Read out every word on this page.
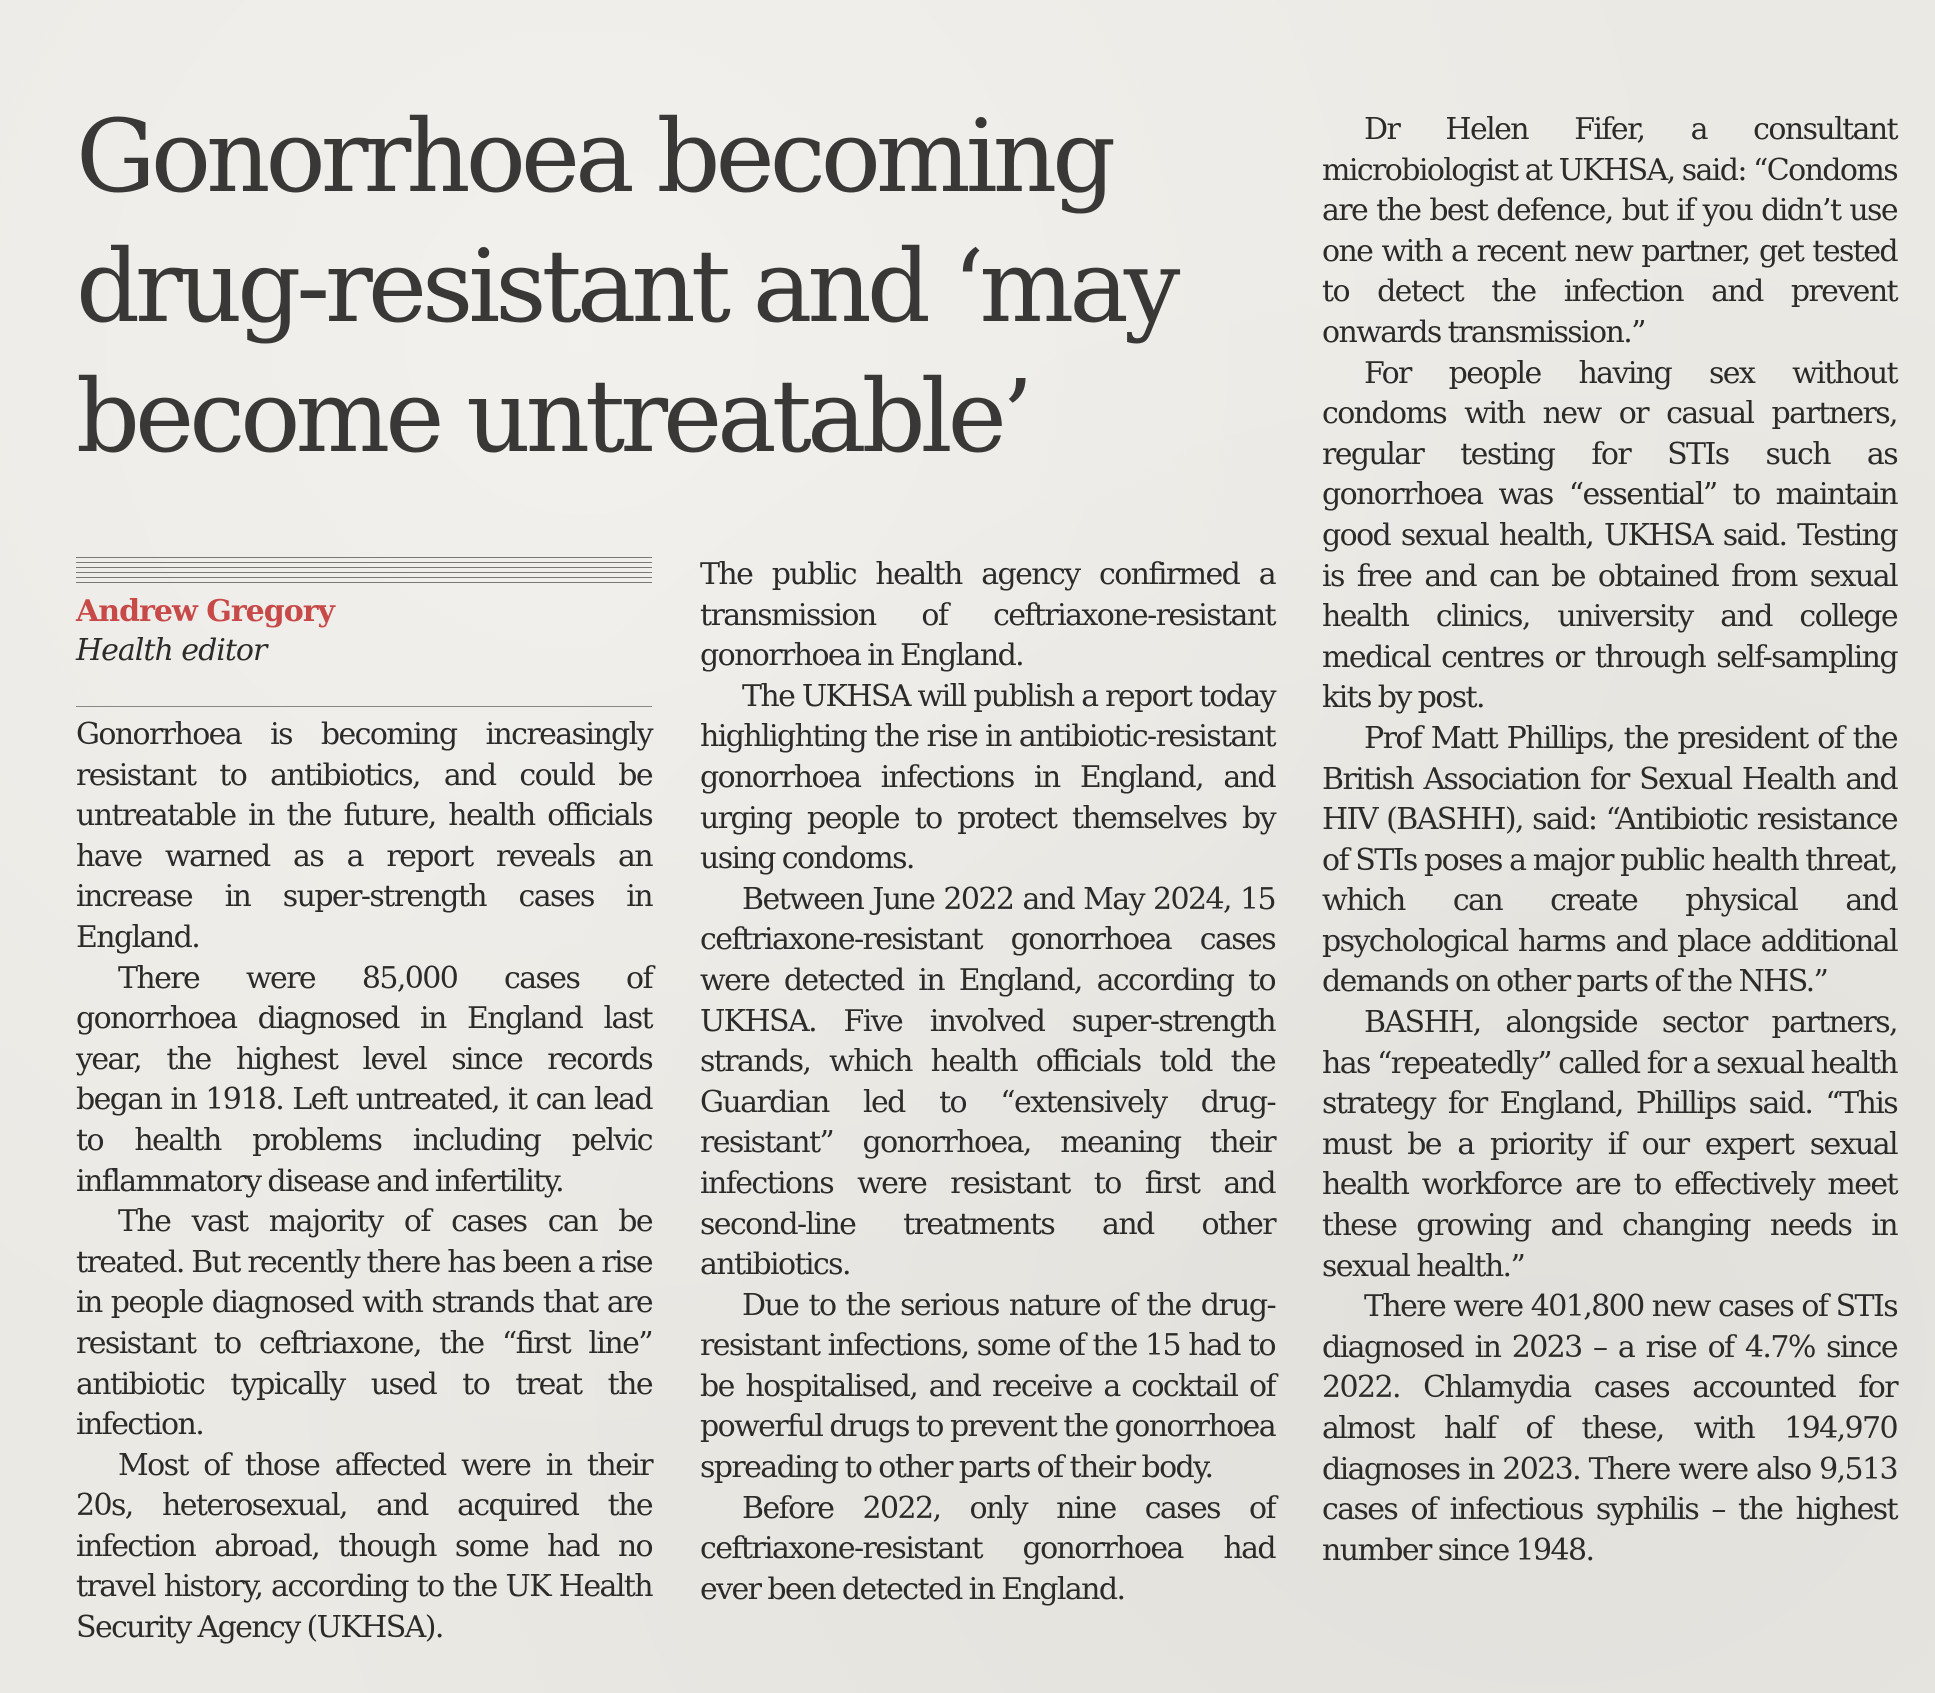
Gonorrhoea becoming drug-resistant and ‘may become untreatable’
Andrew Gregory
Health editor

Gonorrhoea is becoming increasingly resistant to antibiotics, and could be untreatable in the future, health officials have warned as a report reveals an increase in super-strength cases in England.

There were 85,000 cases of gonorrhoea diagnosed in England last year, the highest level since records began in 1918. Left untreated, it can lead to health problems including pelvic inflammatory disease and infertility.

The vast majority of cases can be treated. But recently there has been a rise in people diagnosed with strands that are resistant to ceftriaxone, the “first line” antibiotic typically used to treat the infection.

Most of those affected were in their 20s, heterosexual, and acquired the infection abroad, though some had no travel history, according to the UK Health Security Agency (UKHSA).

The public health agency confirmed a transmission of ceftriaxone-resistant gonorrhoea in England.

The UKHSA will publish a report today highlighting the rise in antibiotic-resistant gonorrhoea infections in England, and urging people to protect themselves by using condoms.

Between June 2022 and May 2024, 15 ceftriaxone-resistant gonorrhoea cases were detected in England, according to UKHSA. Five involved super-strength strands, which health officials told the Guardian led to “extensively drug-resistant” gonorrhoea, meaning their infections were resistant to first and second-line treatments and other antibiotics.

Due to the serious nature of the drug-resistant infections, some of the 15 had to be hospitalised, and receive a cocktail of powerful drugs to prevent the gonorrhoea spreading to other parts of their body.

Before 2022, only nine cases of ceftriaxone-resistant gonorrhoea had ever been detected in England.

Dr Helen Fifer, a consultant microbiologist at UKHSA, said: “Condoms are the best defence, but if you didn’t use one with a recent new partner, get tested to detect the infection and prevent onwards transmission.”

For people having sex without condoms with new or casual partners, regular testing for STIs such as gonorrhoea was “essential” to maintain good sexual health, UKHSA said. Testing is free and can be obtained from sexual health clinics, university and college medical centres or through self-sampling kits by post.

Prof Matt Phillips, the president of the British Association for Sexual Health and HIV (BASHH), said: “Antibiotic resistance of STIs poses a major public health threat, which can create physical and psychological harms and place additional demands on other parts of the NHS.”

BASHH, alongside sector partners, has “repeatedly” called for a sexual health strategy for England, Phillips said. “This must be a priority if our expert sexual health workforce are to effectively meet these growing and changing needs in sexual health.”

There were 401,800 new cases of STIs diagnosed in 2023 – a rise of 4.7% since 2022. Chlamydia cases accounted for almost half of these, with 194,970 diagnoses in 2023. There were also 9,513 cases of infectious syphilis – the highest number since 1948.
